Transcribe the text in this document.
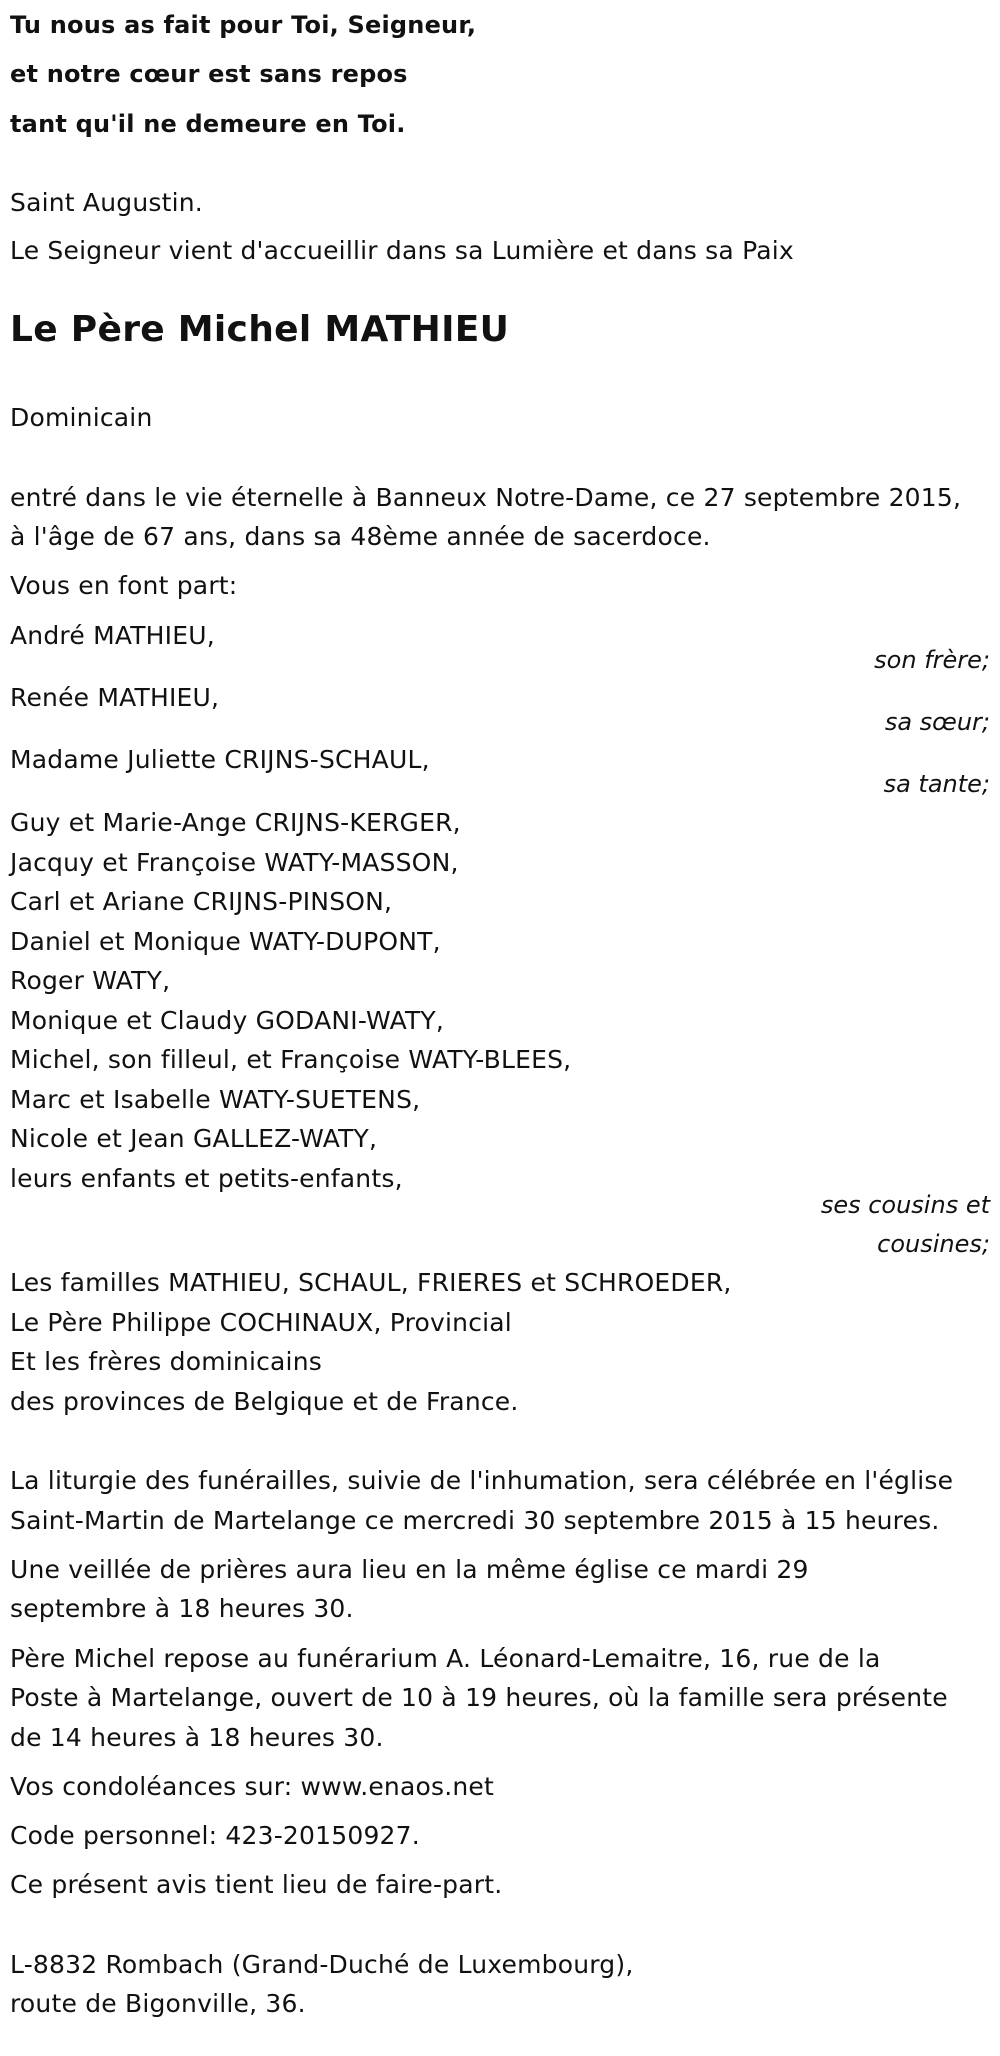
Tu nous as fait pour Toi, Seigneur,
et notre cœur est sans repos
tant qu'il ne demeure en Toi.
Saint Augustin.
Le Seigneur vient d'accueillir dans sa Lumière et dans sa Paix
Le Père Michel MATHIEU
Dominicain
entré dans le vie éternelle à Banneux Notre-Dame, ce 27 septembre 2015,
à l'âge de 67 ans, dans sa 48ème année de sacerdoce.
Vous en font part:
André MATHIEU,
son frère;
Renée MATHIEU,
sa sœur;
Madame Juliette CRIJNS-SCHAUL,
sa tante;
Guy et Marie-Ange CRIJNS-KERGER,
Jacquy et Françoise WATY-MASSON,
Carl et Ariane CRIJNS-PINSON,
Daniel et Monique WATY-DUPONT,
Roger WATY,
Monique et Claudy GODANI-WATY,
Michel, son filleul, et Françoise WATY-BLEES,
Marc et Isabelle WATY-SUETENS,
Nicole et Jean GALLEZ-WATY,
leurs enfants et petits-enfants,
ses cousins et
cousines;
Les familles MATHIEU, SCHAUL, FRIERES et SCHROEDER,
Le Père Philippe COCHINAUX, Provincial
Et les frères dominicains
des provinces de Belgique et de France.
La liturgie des funérailles, suivie de l'inhumation, sera célébrée en l'église
Saint-Martin de Martelange ce mercredi 30 septembre 2015 à 15 heures.
Une veillée de prières aura lieu en la même église ce mardi 29
septembre à 18 heures 30.
Père Michel repose au funérarium A. Léonard-Lemaitre, 16, rue de la
Poste à Martelange, ouvert de 10 à 19 heures, où la famille sera présente
de 14 heures à 18 heures 30.
Vos condoléances sur: www.enaos.net
Code personnel: 423-20150927.
Ce présent avis tient lieu de faire-part.
L-8832 Rombach (Grand-Duché de Luxembourg),
route de Bigonville, 36.
